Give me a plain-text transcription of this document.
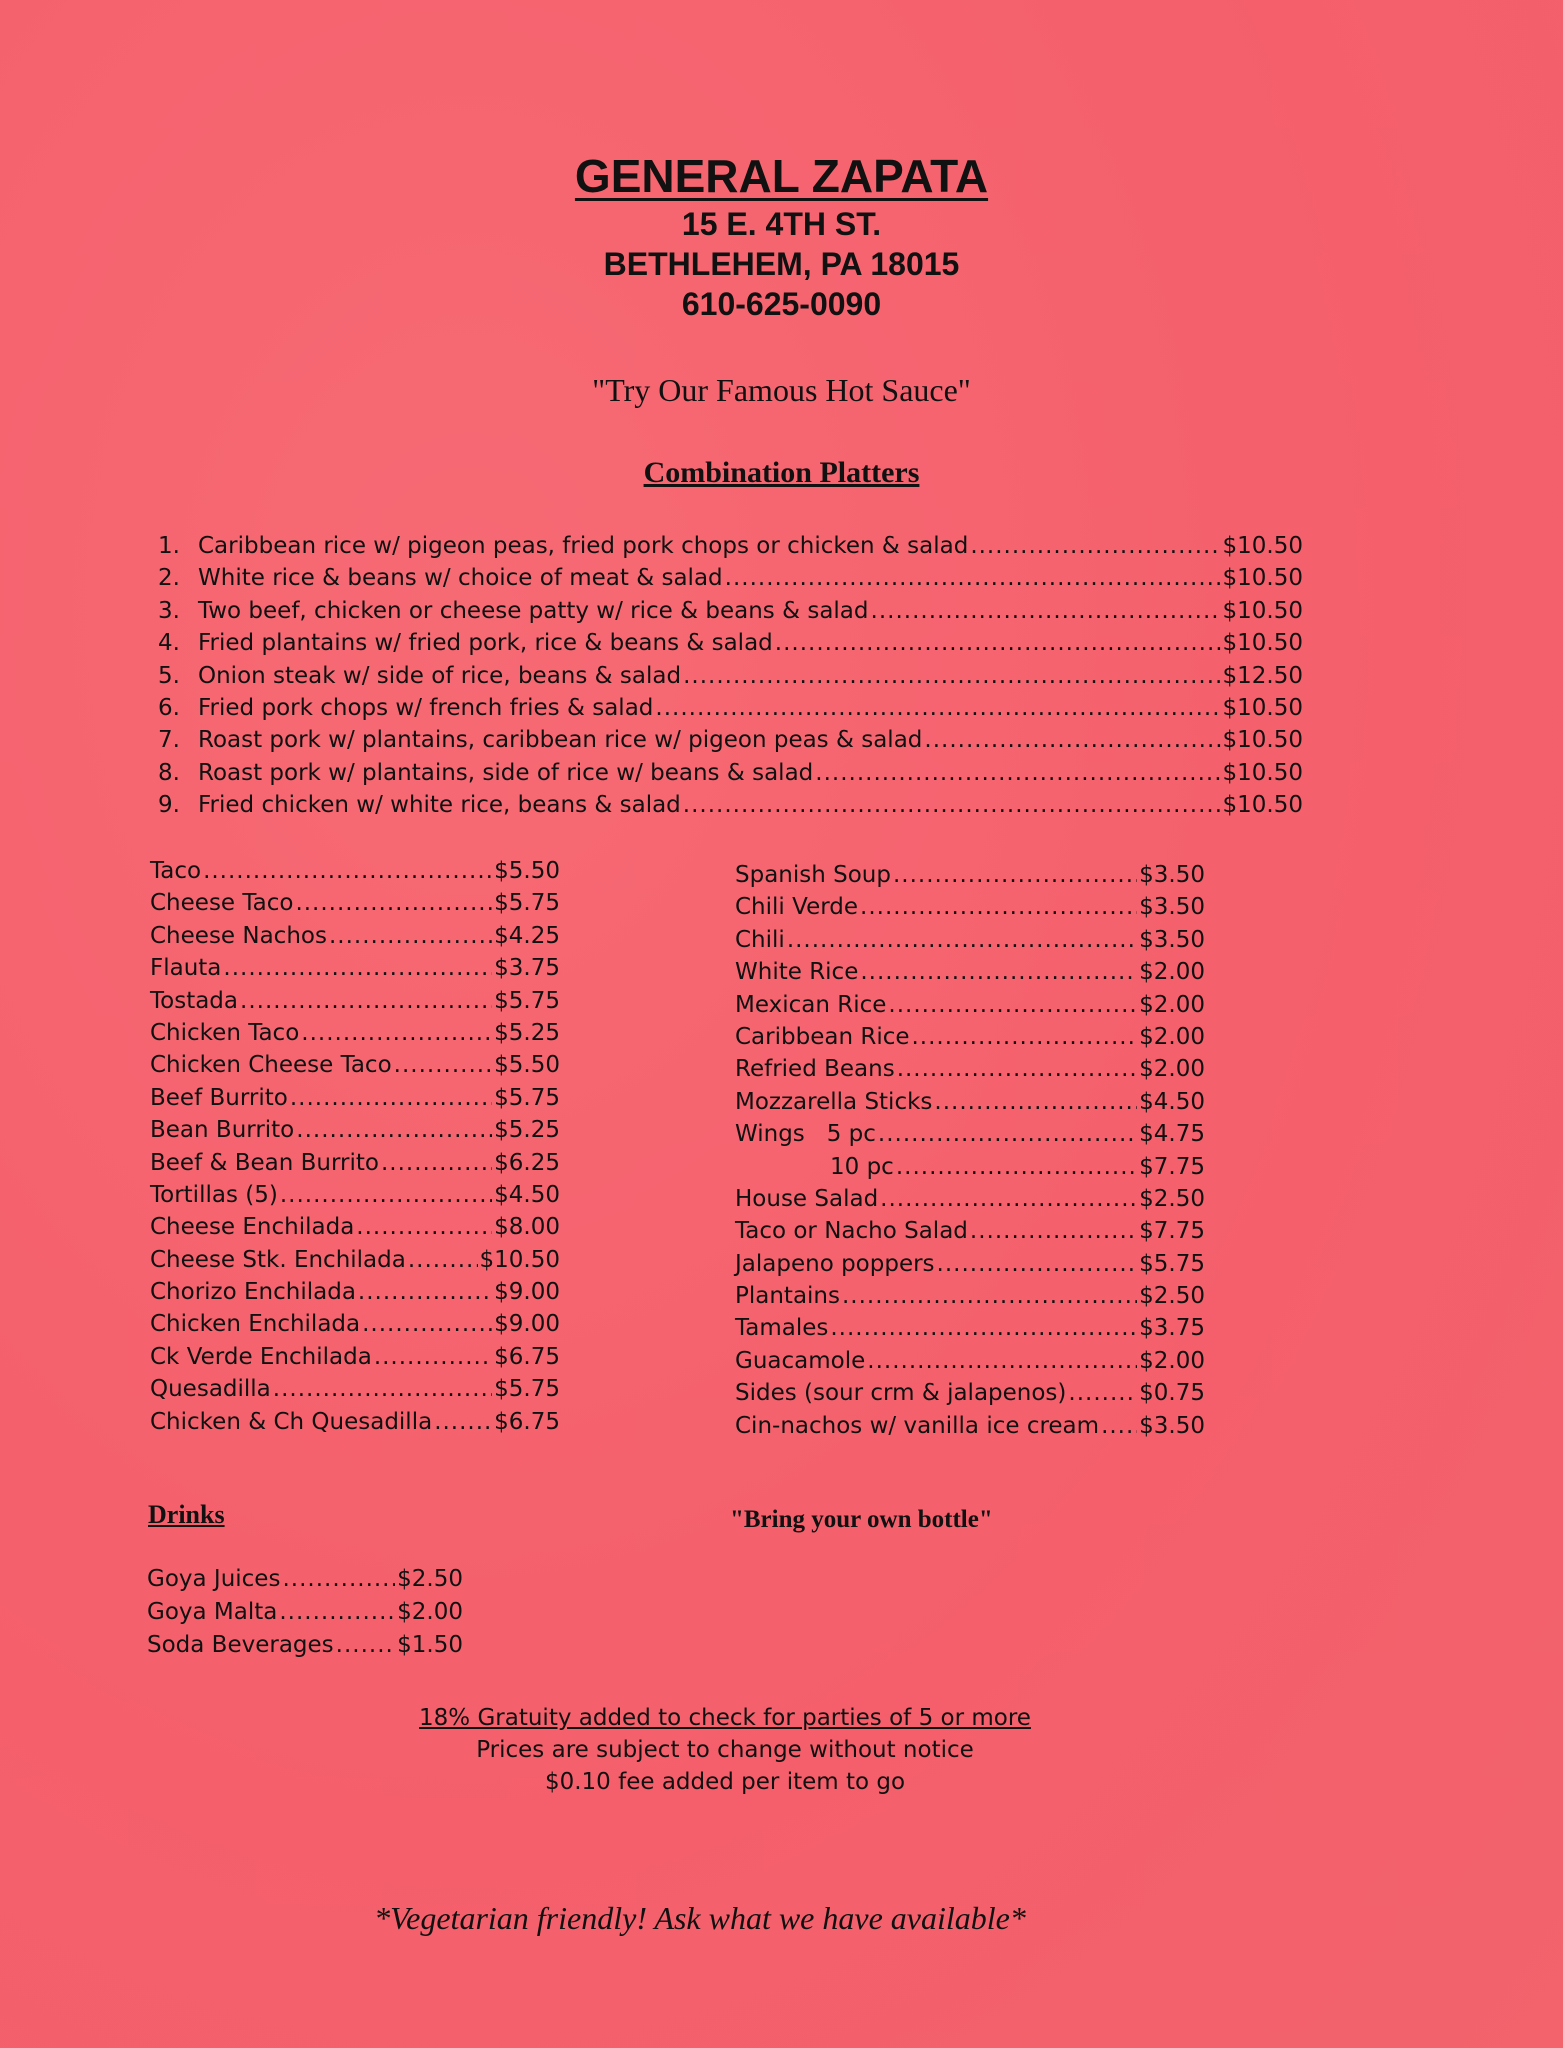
GENERAL ZAPATA
15 E. 4TH ST.
BETHLEHEM, PA 18015
610-625-0090
"Try Our Famous Hot Sauce"
Combination Platters
1. Caribbean rice w/ pigeon peas, fried pork chops or chicken & salad .....	$10.50
2. White rice & beans w/ choice of meat & salad .....	$10.50
3. Two beef, chicken or cheese patty w/ rice & beans & salad .....	$10.50
4. Fried plantains w/ fried pork, rice & beans & salad .....	$10.50
5. Onion steak w/ side of rice, beans & salad .....	$12.50
6. Fried pork chops w/ french fries & salad .....	$10.50
7. Roast pork w/ plantains, caribbean rice w/ pigeon peas & salad .....	$10.50
8. Roast pork w/ plantains, side of rice w/ beans & salad .....	$10.50
9. Fried chicken w/ white rice, beans & salad .....	$10.50
Taco .....	$5.50
Cheese Taco .....	$5.75
Cheese Nachos .....	$4.25
Flauta .....	$3.75
Tostada .....	$5.75
Chicken Taco .....	$5.25
Chicken Cheese Taco .....	$5.50
Beef Burrito .....	$5.75
Bean Burrito .....	$5.25
Beef & Bean Burrito .....	$6.25
Tortillas (5) .....	$4.50
Cheese Enchilada .....	$8.00
Cheese Stk. Enchilada .....	$10.50
Chorizo Enchilada .....	$9.00
Chicken Enchilada .....	$9.00
Ck Verde Enchilada .....	$6.75
Quesadilla .....	$5.75
Chicken & Ch Quesadilla .....	$6.75
Spanish Soup .....	$3.50
Chili Verde .....	$3.50
Chili .....	$3.50
White Rice .....	$2.00
Mexican Rice .....	$2.00
Caribbean Rice .....	$2.00
Refried Beans .....	$2.00
Mozzarella Sticks .....	$4.50
Wings   5 pc .....	$4.75
10 pc .....	$7.75
House Salad .....	$2.50
Taco or Nacho Salad .....	$7.75
Jalapeno poppers .....	$5.75
Plantains .....	$2.50
Tamales .....	$3.75
Guacamole .....	$2.00
Sides (sour crm & jalapenos) .....	$0.75
Cin-nachos w/ vanilla ice cream ..... $3.50
Drinks	"Bring your own bottle"
Goya Juices .....	$2.50
Goya Malta .....	$2.00
Soda Beverages .....	$1.50
18% Gratuity added to check for parties of 5 or more
Prices are subject to change without notice
$0.10 fee added per item to go
*Vegetarian friendly! Ask what we have available*
